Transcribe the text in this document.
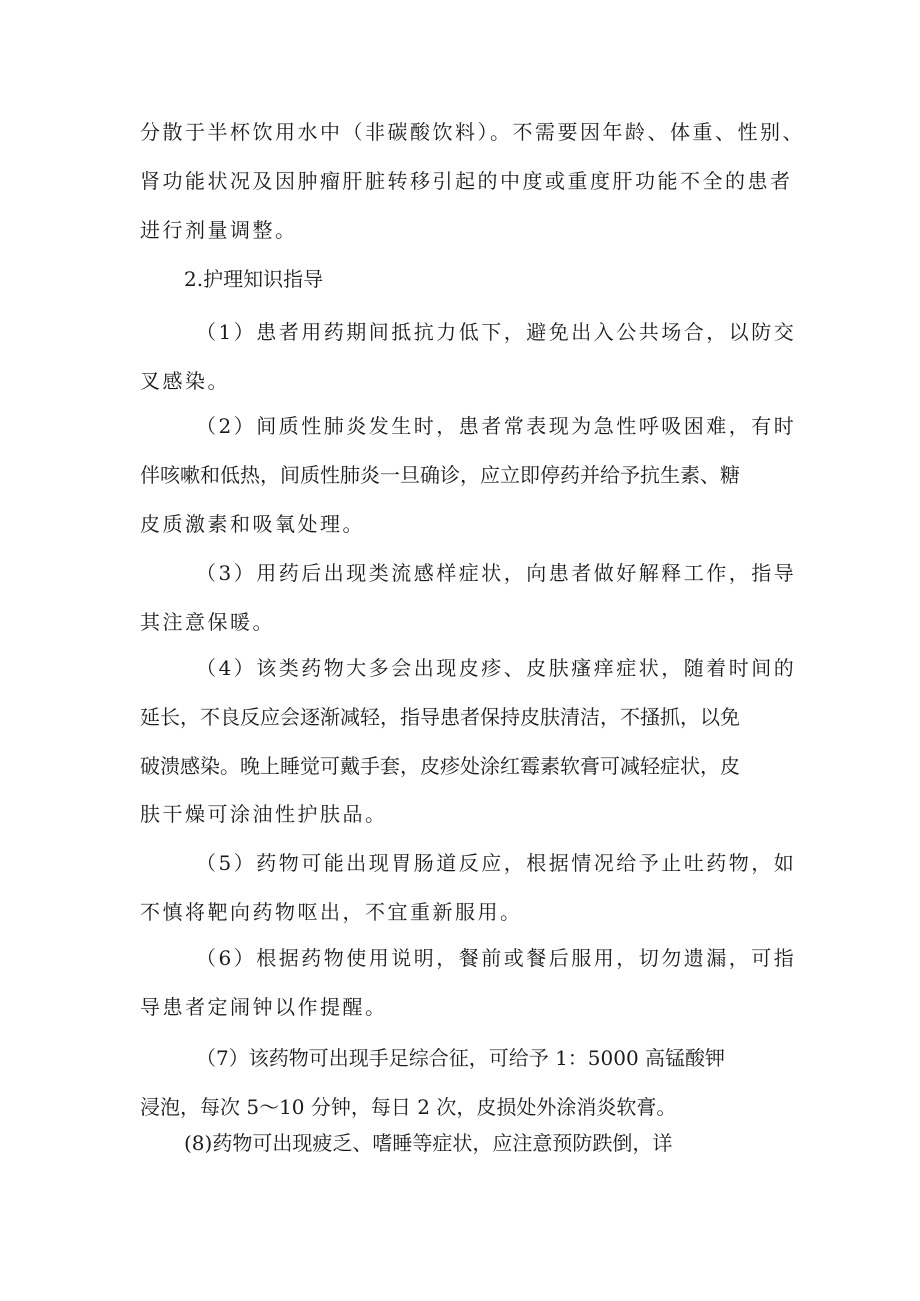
分散于半杯饮用水中（非碳酸饮料）。不需要因年龄、体重、性别、
肾功能状况及因肿瘤肝脏转移引起的中度或重度肝功能不全的患者
进行剂量调整。
2.护理知识指导
（1）患者用药期间抵抗力低下，避免出入公共场合，以防交
叉感染。
（2）间质性肺炎发生时，患者常表现为急性呼吸困难，有时
伴咳嗽和低热，间质性肺炎一旦确诊，应立即停药并给予抗生素、糖
皮质激素和吸氧处理。
（3）用药后出现类流感样症状，向患者做好解释工作，指导
其注意保暖。
（4）该类药物大多会出现皮疹、皮肤瘙痒症状，随着时间的
延长，不良反应会逐渐减轻，指导患者保持皮肤清洁，不搔抓，以免
破溃感染。晚上睡觉可戴手套，皮疹处涂红霉素软膏可减轻症状，皮
肤干燥可涂油性护肤品。
（5）药物可能出现胃肠道反应，根据情况给予止吐药物，如
不慎将靶向药物呕出，不宜重新服用。
（6）根据药物使用说明，餐前或餐后服用，切勿遗漏，可指
导患者定闹钟以作提醒。
（7）该药物可出现手足综合征，可给予 1：5000 高锰酸钾
浸泡，每次 5～10 分钟，每日 2 次，皮损处外涂消炎软膏。
(8)药物可出现疲乏、嗜睡等症状，应注意预防跌倒，详
